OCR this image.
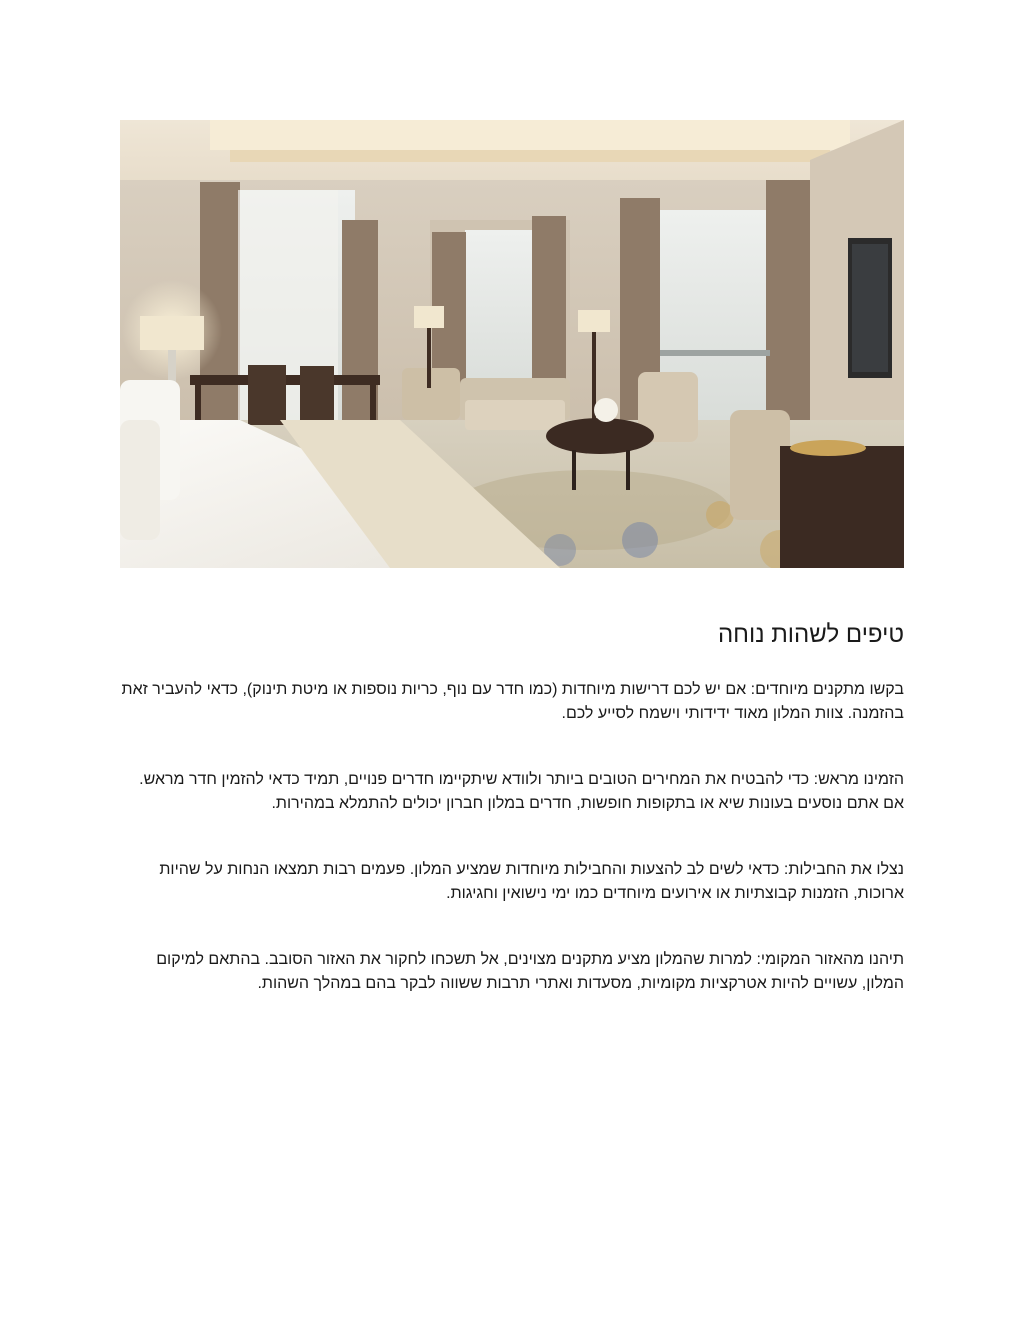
טיפים לשהות נוחה

בקשו מתקנים מיוחדים: אם יש לכם דרישות מיוחדות (כמו חדר עם נוף, כריות נוספות או מיטת תינוק), כדאי להעביר זאת בהזמנה. צוות המלון מאוד ידידותי וישמח לסייע לכם.

הזמינו מראש: כדי להבטיח את המחירים הטובים ביותר ולוודא שיתקיימו חדרים פנויים, תמיד כדאי להזמין חדר מראש. אם אתם נוסעים בעונות שיא או בתקופות חופשות, חדרים במלון חברון יכולים להתמלא במהירות.

נצלו את החבילות: כדאי לשים לב להצעות והחבילות מיוחדות שמציע המלון. פעמים רבות תמצאו הנחות על שהיות ארוכות, הזמנות קבוצתיות או אירועים מיוחדים כמו ימי נישואין וחגיגות.

תיהנו מהאזור המקומי: למרות שהמלון מציע מתקנים מצוינים, אל תשכחו לחקור את האזור הסובב. בהתאם למיקום המלון, עשויים להיות אטרקציות מקומיות, מסעדות ואתרי תרבות ששווה לבקר בהם במהלך השהות.
